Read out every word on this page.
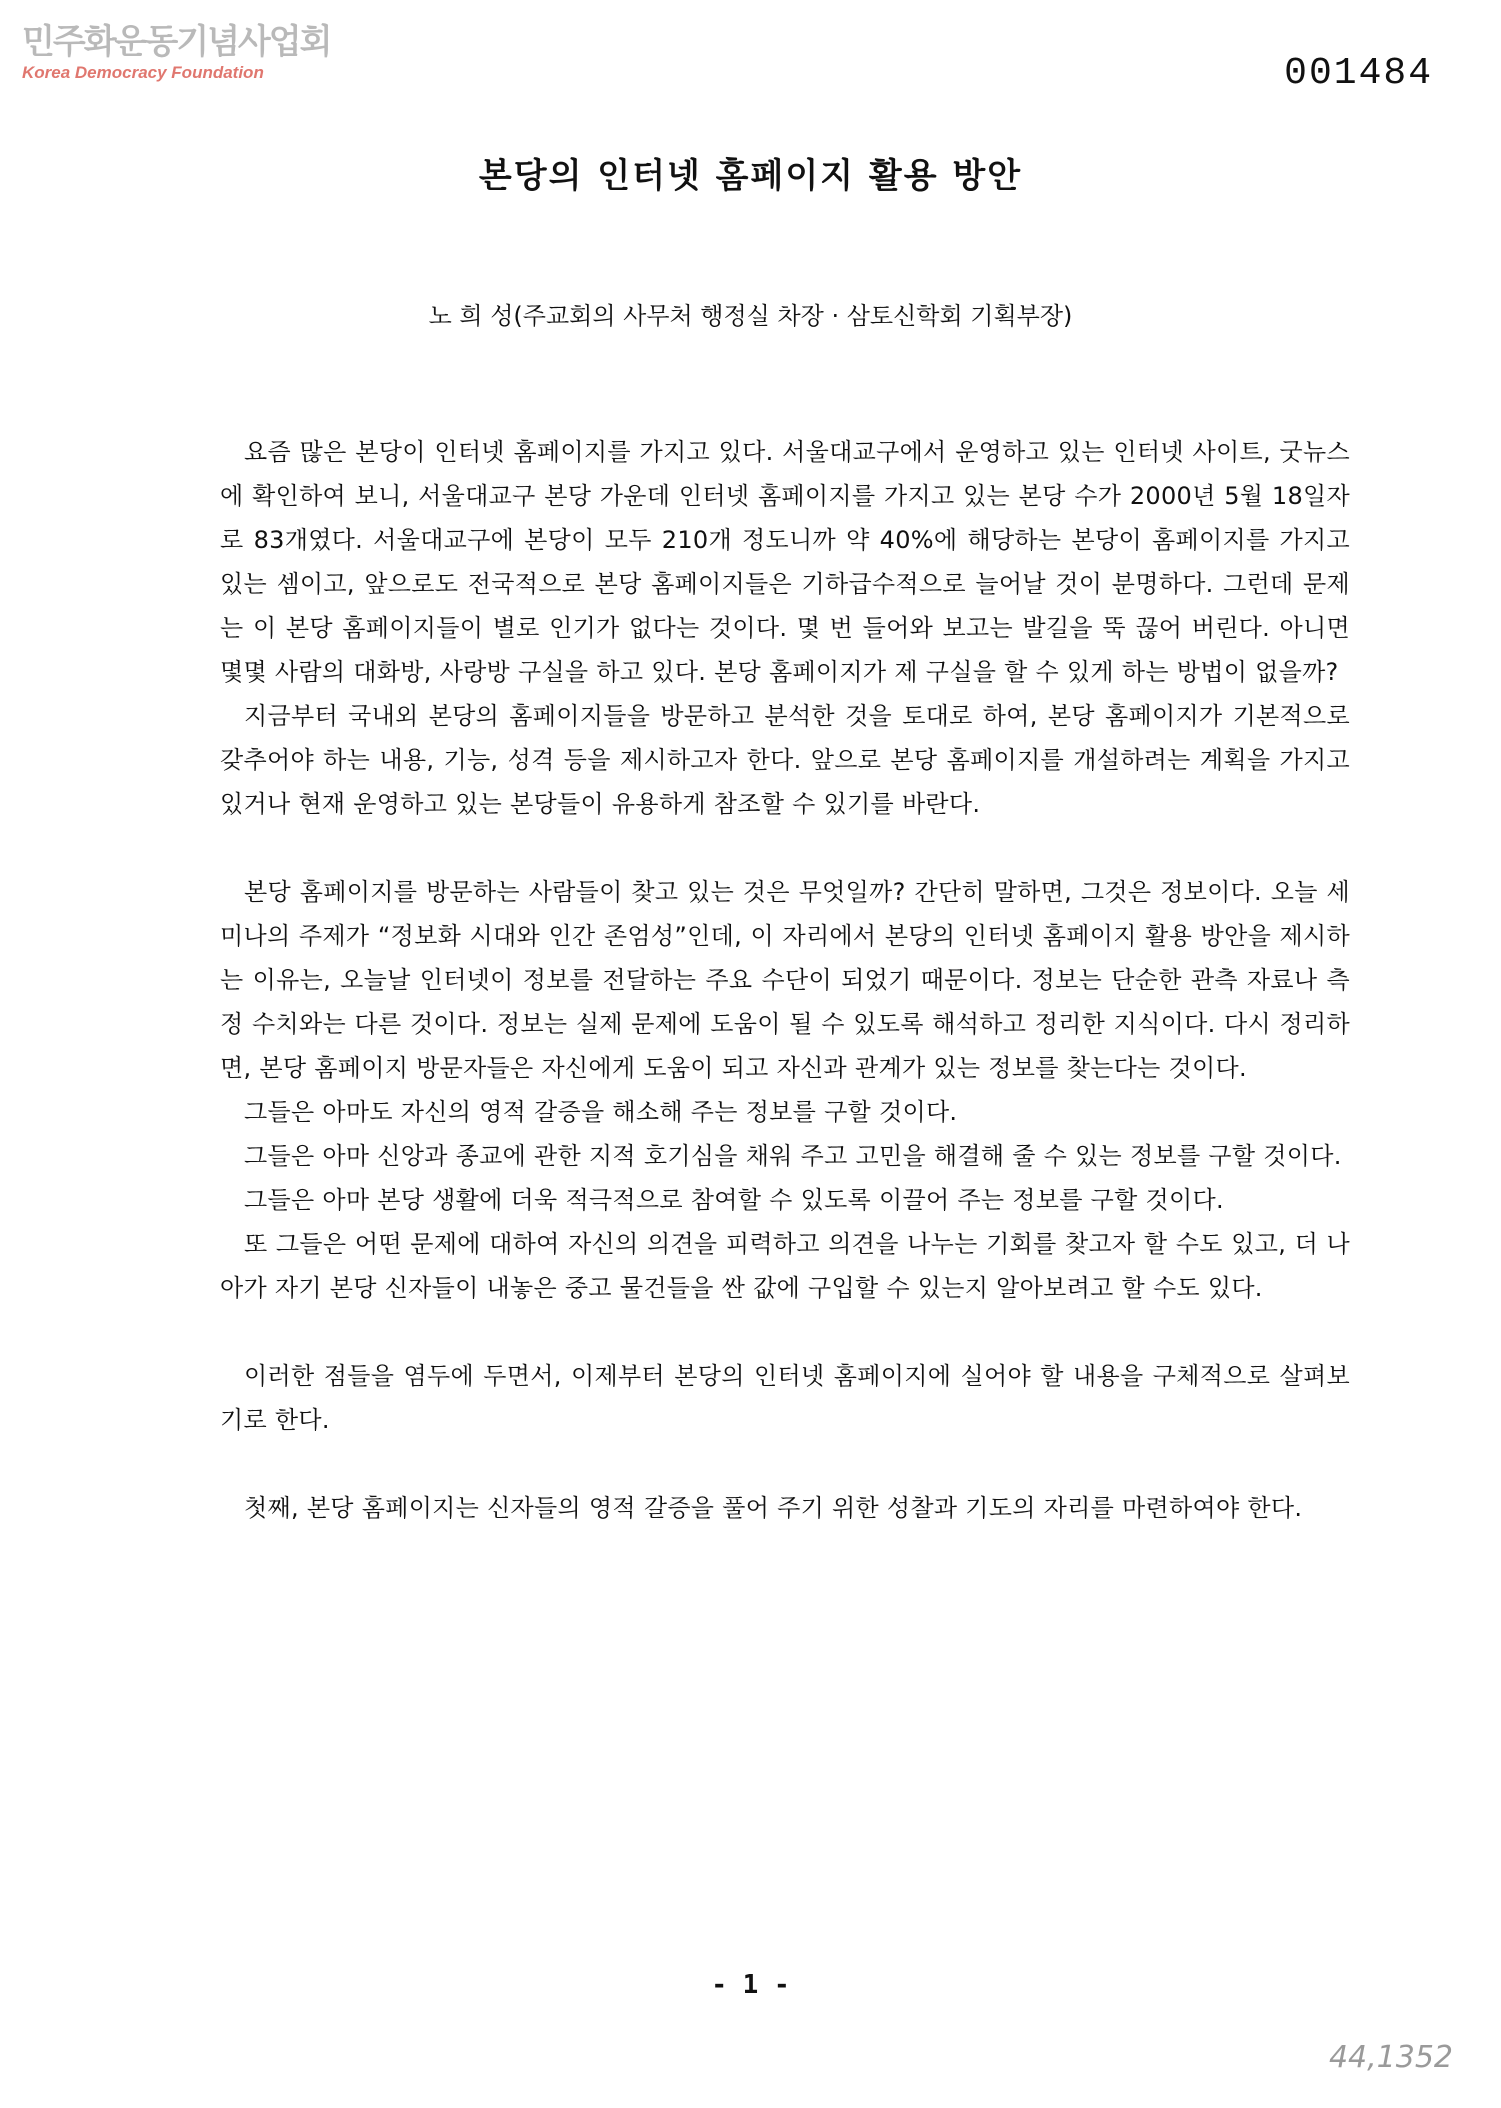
민주화운동기념사업회
Korea Democracy Foundation	001484
본당의 인터넷 홈페이지 활용 방안
노 희 성(주교회의 사무처 행정실 차장 · 삼토신학회 기획부장)

요즘 많은 본당이 인터넷 홈페이지를 가지고 있다. 서울대교구에서 운영하고 있는 인터넷 사이트, 굿뉴스에 확인하여 보니, 서울대교구 본당 가운데 인터넷 홈페이지를 가지고 있는 본당 수가 2000년 5월 18일자로 83개였다. 서울대교구에 본당이 모두 210개 정도니까 약 40%에 해당하는 본당이 홈페이지를 가지고 있는 셈이고, 앞으로도 전국적으로 본당 홈페이지들은 기하급수적으로 늘어날 것이 분명하다. 그런데 문제는 이 본당 홈페이지들이 별로 인기가 없다는 것이다. 몇 번 들어와 보고는 발길을 뚝 끊어 버린다. 아니면 몇몇 사람의 대화방, 사랑방 구실을 하고 있다. 본당 홈페이지가 제 구실을 할 수 있게 하는 방법이 없을까?

지금부터 국내외 본당의 홈페이지들을 방문하고 분석한 것을 토대로 하여, 본당 홈페이지가 기본적으로 갖추어야 하는 내용, 기능, 성격 등을 제시하고자 한다. 앞으로 본당 홈페이지를 개설하려는 계획을 가지고 있거나 현재 운영하고 있는 본당들이 유용하게 참조할 수 있기를 바란다.

본당 홈페이지를 방문하는 사람들이 찾고 있는 것은 무엇일까? 간단히 말하면, 그것은 정보이다. 오늘 세미나의 주제가 “정보화 시대와 인간 존엄성”인데, 이 자리에서 본당의 인터넷 홈페이지 활용 방안을 제시하는 이유는, 오늘날 인터넷이 정보를 전달하는 주요 수단이 되었기 때문이다. 정보는 단순한 관측 자료나 측정 수치와는 다른 것이다. 정보는 실제 문제에 도움이 될 수 있도록 해석하고 정리한 지식이다. 다시 정리하면, 본당 홈페이지 방문자들은 자신에게 도움이 되고 자신과 관계가 있는 정보를 찾는다는 것이다.

그들은 아마도 자신의 영적 갈증을 해소해 주는 정보를 구할 것이다.

그들은 아마 신앙과 종교에 관한 지적 호기심을 채워 주고 고민을 해결해 줄 수 있는 정보를 구할 것이다.

그들은 아마 본당 생활에 더욱 적극적으로 참여할 수 있도록 이끌어 주는 정보를 구할 것이다.

또 그들은 어떤 문제에 대하여 자신의 의견을 피력하고 의견을 나누는 기회를 찾고자 할 수도 있고, 더 나아가 자기 본당 신자들이 내놓은 중고 물건들을 싼 값에 구입할 수 있는지 알아보려고 할 수도 있다.

이러한 점들을 염두에 두면서, 이제부터 본당의 인터넷 홈페이지에 실어야 할 내용을 구체적으로 살펴보기로 한다.

첫째, 본당 홈페이지는 신자들의 영적 갈증을 풀어 주기 위한 성찰과 기도의 자리를 마련하여야 한다.

- 1 -
44,1352
